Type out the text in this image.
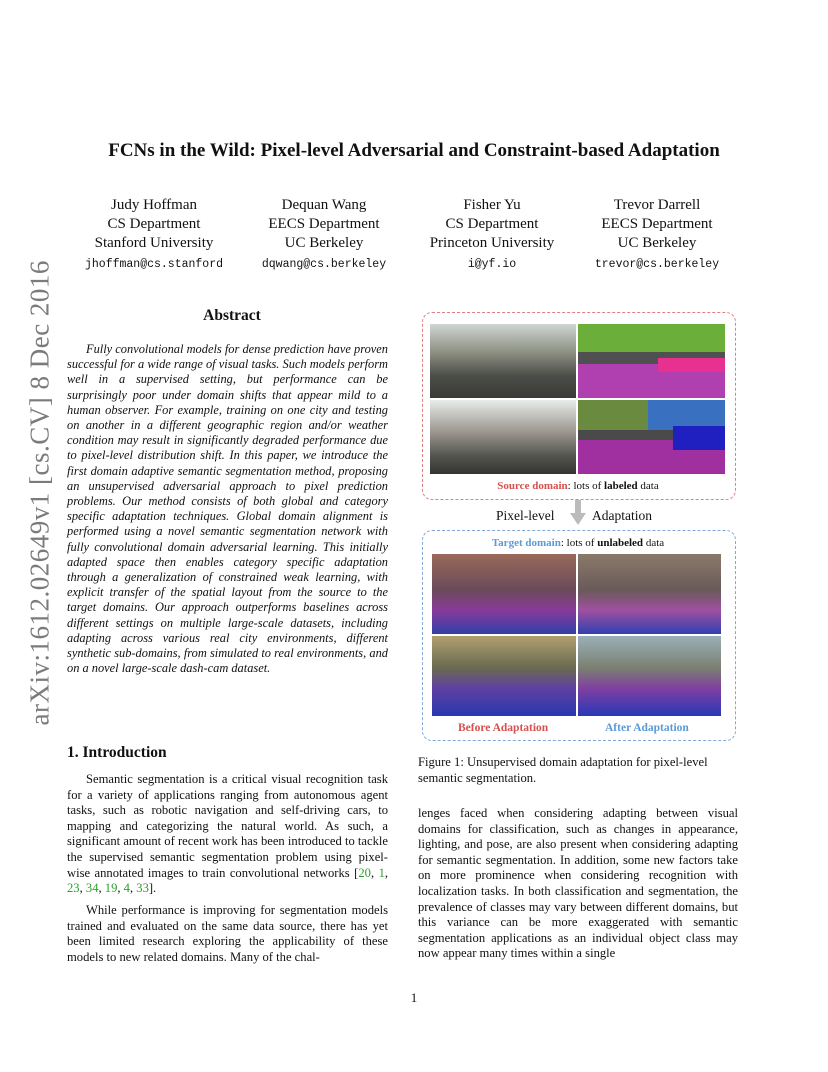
FCNs in the Wild: Pixel-level Adversarial and Constraint-based Adaptation
Judy Hoffman
CS Department
Stanford University
jhoffman@cs.stanford
Dequan Wang
EECS Department
UC Berkeley
dqwang@cs.berkeley
Fisher Yu
CS Department
Princeton University
i@yf.io
Trevor Darrell
EECS Department
UC Berkeley
trevor@cs.berkeley
arXiv:1612.02649v1 [cs.CV] 8 Dec 2016	Abstract
Fully convolutional models for dense prediction have proven successful for a wide range of visual tasks. Such models perform well in a supervised setting, but performance can be surprisingly poor under domain shifts that appear mild to a human observer. For example, training on one city and testing on another in a different geographic region and/or weather condition may result in significantly degraded performance due to pixel-level distribution shift. In this paper, we introduce the first domain adaptive semantic segmentation method, proposing an unsupervised adversarial approach to pixel prediction problems. Our method consists of both global and category specific adaptation techniques. Global domain alignment is performed using a novel semantic segmentation network with fully convolutional domain adversarial learning. This initially adapted space then enables category specific adaptation through a generalization of constrained weak learning, with explicit transfer of the spatial layout from the source to the target domains. Our approach outperforms baselines across different settings on multiple large-scale datasets, including adapting across various real city environments, different synthetic sub-domains, from simulated to real environments, and on a novel large-scale dash-cam dataset.
1. Introduction
Semantic segmentation is a critical visual recognition task for a variety of applications ranging from autonomous agent tasks, such as robotic navigation and self-driving cars, to mapping and categorizing the natural world. As such, a significant amount of recent work has been introduced to tackle the supervised semantic segmentation problem using pixel-wise annotated images to train convolutional networks [20, 1, 23, 34, 19, 4, 33].
While performance is improving for segmentation models trained and evaluated on the same data source, there has yet been limited research exploring the applicability of these models to new related domains. Many of the chal-
Source domain: lots of labeled data
Pixel-level	Adaptation
Target domain: lots of unlabeled data
Before Adaptation	After Adaptation
Figure 1: Unsupervised domain adaptation for pixel-level semantic segmentation.
lenges faced when considering adapting between visual domains for classification, such as changes in appearance, lighting, and pose, are also present when considering adapting for semantic segmentation. In addition, some new factors take on more prominence when considering recognition with localization tasks. In both classification and segmentation, the prevalence of classes may vary between different domains, but this variance can be more exaggerated with semantic segmentation applications as an individual object class may now appear many times within a single
1
